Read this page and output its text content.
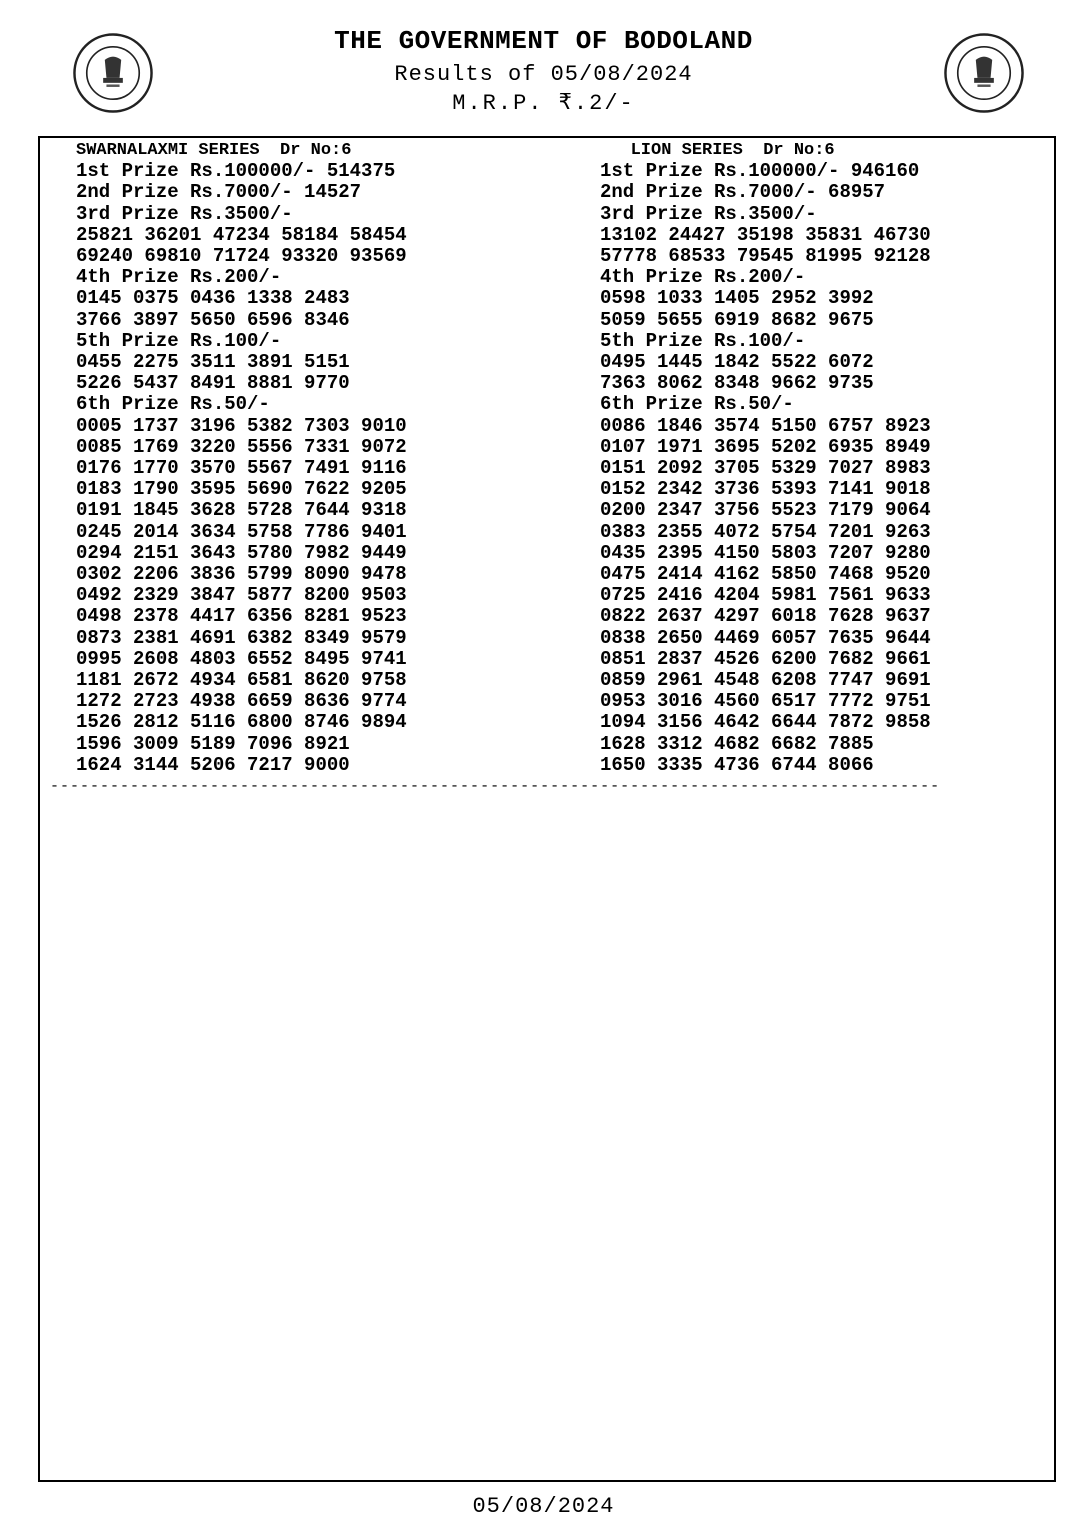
THE GOVERNMENT OF BODOLAND
Results of 05/08/2024
M.R.P. ₹.2/-
SWARNALAXMI SERIES  Dr No:6
1st Prize Rs.100000/- 514375
2nd Prize Rs.7000/- 14527
3rd Prize Rs.3500/-
25821 36201 47234 58184 58454
69240 69810 71724 93320 93569
4th Prize Rs.200/-
0145 0375 0436 1338 2483
3766 3897 5650 6596 8346
5th Prize Rs.100/-
0455 2275 3511 3891 5151
5226 5437 8491 8881 9770
6th Prize Rs.50/-
0005 1737 3196 5382 7303 9010
0085 1769 3220 5556 7331 9072
0176 1770 3570 5567 7491 9116
0183 1790 3595 5690 7622 9205
0191 1845 3628 5728 7644 9318
0245 2014 3634 5758 7786 9401
0294 2151 3643 5780 7982 9449
0302 2206 3836 5799 8090 9478
0492 2329 3847 5877 8200 9503
0498 2378 4417 6356 8281 9523
0873 2381 4691 6382 8349 9579
0995 2608 4803 6552 8495 9741
1181 2672 4934 6581 8620 9758
1272 2723 4938 6659 8636 9774
1526 2812 5116 6800 8746 9894
1596 3009 5189 7096 8921
1624 3144 5206 7217 9000
LION SERIES  Dr No:6
1st Prize Rs.100000/- 946160
2nd Prize Rs.7000/- 68957
3rd Prize Rs.3500/-
13102 24427 35198 35831 46730
57778 68533 79545 81995 92128
4th Prize Rs.200/-
0598 1033 1405 2952 3992
5059 5655 6919 8682 9675
5th Prize Rs.100/-
0495 1445 1842 5522 6072
7363 8062 8348 9662 9735
6th Prize Rs.50/-
0086 1846 3574 5150 6757 8923
0107 1971 3695 5202 6935 8949
0151 2092 3705 5329 7027 8983
0152 2342 3736 5393 7141 9018
0200 2347 3756 5523 7179 9064
0383 2355 4072 5754 7201 9263
0435 2395 4150 5803 7207 9280
0475 2414 4162 5850 7468 9520
0725 2416 4204 5981 7561 9633
0822 2637 4297 6018 7628 9637
0838 2650 4469 6057 7635 9644
0851 2837 4526 6200 7682 9661
0859 2961 4548 6208 7747 9691
0953 3016 4560 6517 7772 9751
1094 3156 4642 6644 7872 9858
1628 3312 4682 6682 7885
1650 3335 4736 6744 8066
-----------------------------------------------------------------------------------------
05/08/2024
